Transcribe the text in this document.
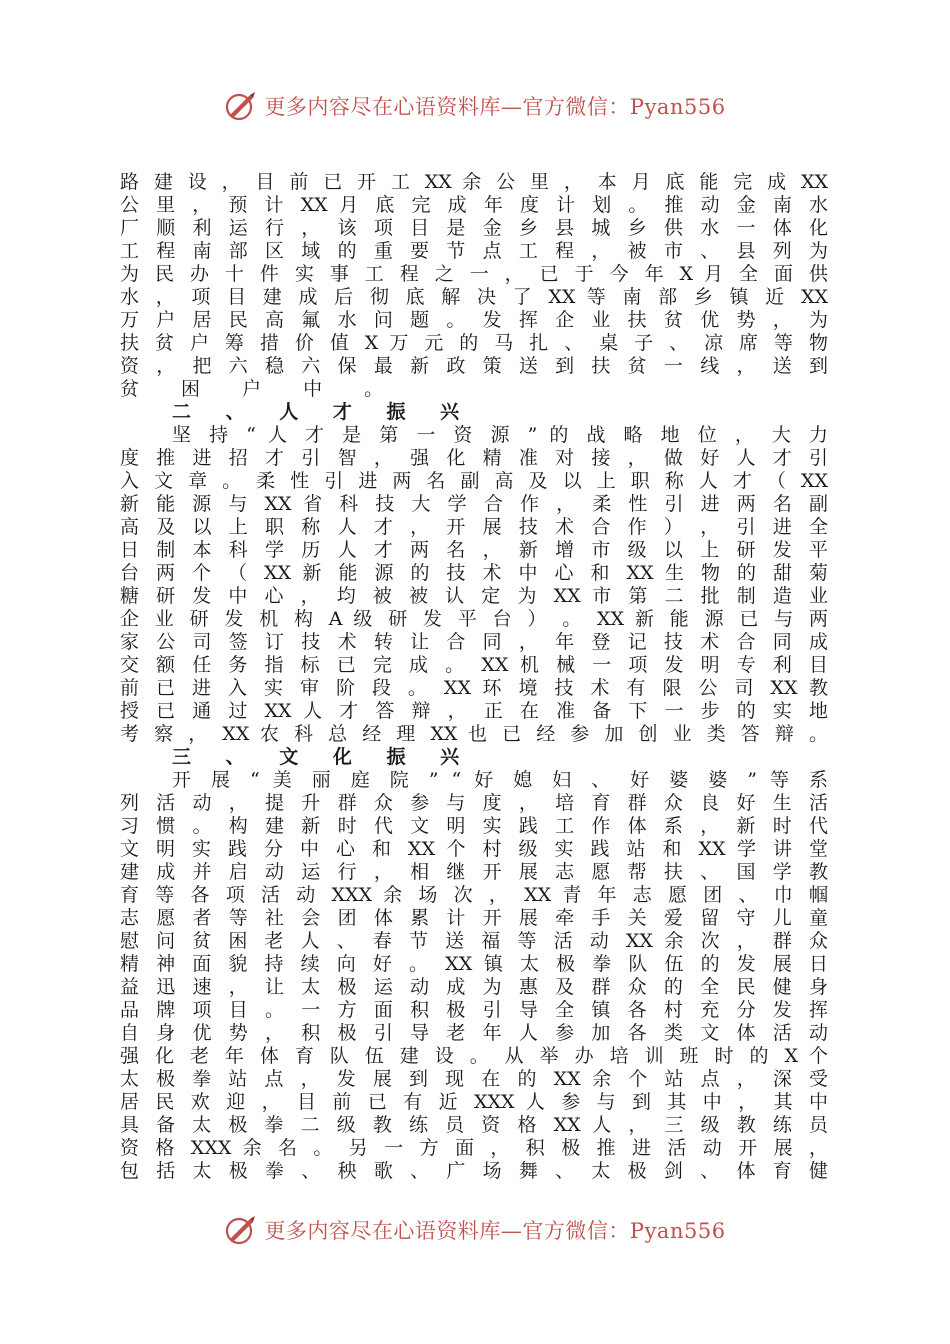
更多内容尽在心语资料库—官方微信：Pyan556
路 建 设 ， 目 前 已 开 工 XX 余 公 里 ， 本 月 底 能 完 成 XX
公 里 ， 预 计 XX 月 底 完 成 年 度 计 划 。 推 动 金 南 水
厂 顺 利 运 行 ， 该 项 目 是 金 乡 县 城 乡 供 水 一 体 化
工 程 南 部 区 域 的 重 要 节 点 工 程 ， 被 市 、 县 列 为
为 民 办 十 件 实 事 工 程 之 一 ， 已 于 今 年 X 月 全 面 供
水 ， 项 目 建 成 后 彻 底 解 决 了 XX 等 南 部 乡 镇 近 XX
万 户 居 民 高 氟 水 问 题 。 发 挥 企 业 扶 贫 优 势 ， 为
扶 贫 户 筹 措 价 值 X 万 元 的 马 扎 、 桌 子 、 凉 席 等 物
资 ， 把 六 稳 六 保 最 新 政 策 送 到 扶 贫 一 线 ， 送 到
贫 困 户 中 。
二 、 人 才 振 兴
坚 持 “ 人 才 是 第 一 资 源 ” 的 战 略 地 位 ， 大 力
度 推 进 招 才 引 智 ， 强 化 精 准 对 接 ， 做 好 人 才 引
入 文 章 。 柔 性 引 进 两 名 副 高 及 以 上 职 称 人 才 （ XX
新 能 源 与 XX 省 科 技 大 学 合 作 ， 柔 性 引 进 两 名 副
高 及 以 上 职 称 人 才 ， 开 展 技 术 合 作 ） ， 引 进 全
日 制 本 科 学 历 人 才 两 名 ， 新 增 市 级 以 上 研 发 平
台 两 个 （ XX 新 能 源 的 技 术 中 心 和 XX 生 物 的 甜 菊
糖 研 发 中 心 ， 均 被 被 认 定 为 XX 市 第 二 批 制 造 业
企 业 研 发 机 构 A 级 研 发 平 台 ） 。 XX 新 能 源 已 与 两
家 公 司 签 订 技 术 转 让 合 同 ， 年 登 记 技 术 合 同 成
交 额 任 务 指 标 已 完 成 。 XX 机 械 一 项 发 明 专 利 目
前 已 进 入 实 审 阶 段 。 XX 环 境 技 术 有 限 公 司 XX 教
授 已 通 过 XX 人 才 答 辩 ， 正 在 准 备 下 一 步 的 实 地
考 察 ， XX 农 科 总 经 理 XX 也 已 经 参 加 创 业 类 答 辩 。
三 、 文 化 振 兴
开 展 “ 美 丽 庭 院 ” “ 好 媳 妇 、 好 婆 婆 ” 等 系
列 活 动 ， 提 升 群 众 参 与 度 ， 培 育 群 众 良 好 生 活
习 惯 。 构 建 新 时 代 文 明 实 践 工 作 体 系 ， 新 时 代
文 明 实 践 分 中 心 和 XX 个 村 级 实 践 站 和 XX 学 讲 堂
建 成 并 启 动 运 行 ， 相 继 开 展 志 愿 帮 扶 、 国 学 教
育 等 各 项 活 动 XXX 余 场 次 ， XX 青 年 志 愿 团 、 巾 帼
志 愿 者 等 社 会 团 体 累 计 开 展 牵 手 关 爱 留 守 儿 童
慰 问 贫 困 老 人 、 春 节 送 福 等 活 动 XX 余 次 ， 群 众
精 神 面 貌 持 续 向 好 。 XX 镇 太 极 拳 队 伍 的 发 展 日
益 迅 速 ， 让 太 极 运 动 成 为 惠 及 群 众 的 全 民 健 身
品 牌 项 目 。 一 方 面 积 极 引 导 全 镇 各 村 充 分 发 挥
自 身 优 势 ， 积 极 引 导 老 年 人 参 加 各 类 文 体 活 动
强 化 老 年 体 育 队 伍 建 设 。 从 举 办 培 训 班 时 的 X 个
太 极 拳 站 点 ， 发 展 到 现 在 的 XX 余 个 站 点 ， 深 受
居 民 欢 迎 ， 目 前 已 有 近 XXX 人 参 与 到 其 中 ， 其 中
具 备 太 极 拳 二 级 教 练 员 资 格 XX 人 ， 三 级 教 练 员
资 格 XXX 余 名 。 另 一 方 面 ， 积 极 推 进 活 动 开 展 ，
包 括 太 极 拳 、 秧 歌 、 广 场 舞 、 太 极 剑 、 体 育 健
更多内容尽在心语资料库—官方微信：Pyan556
